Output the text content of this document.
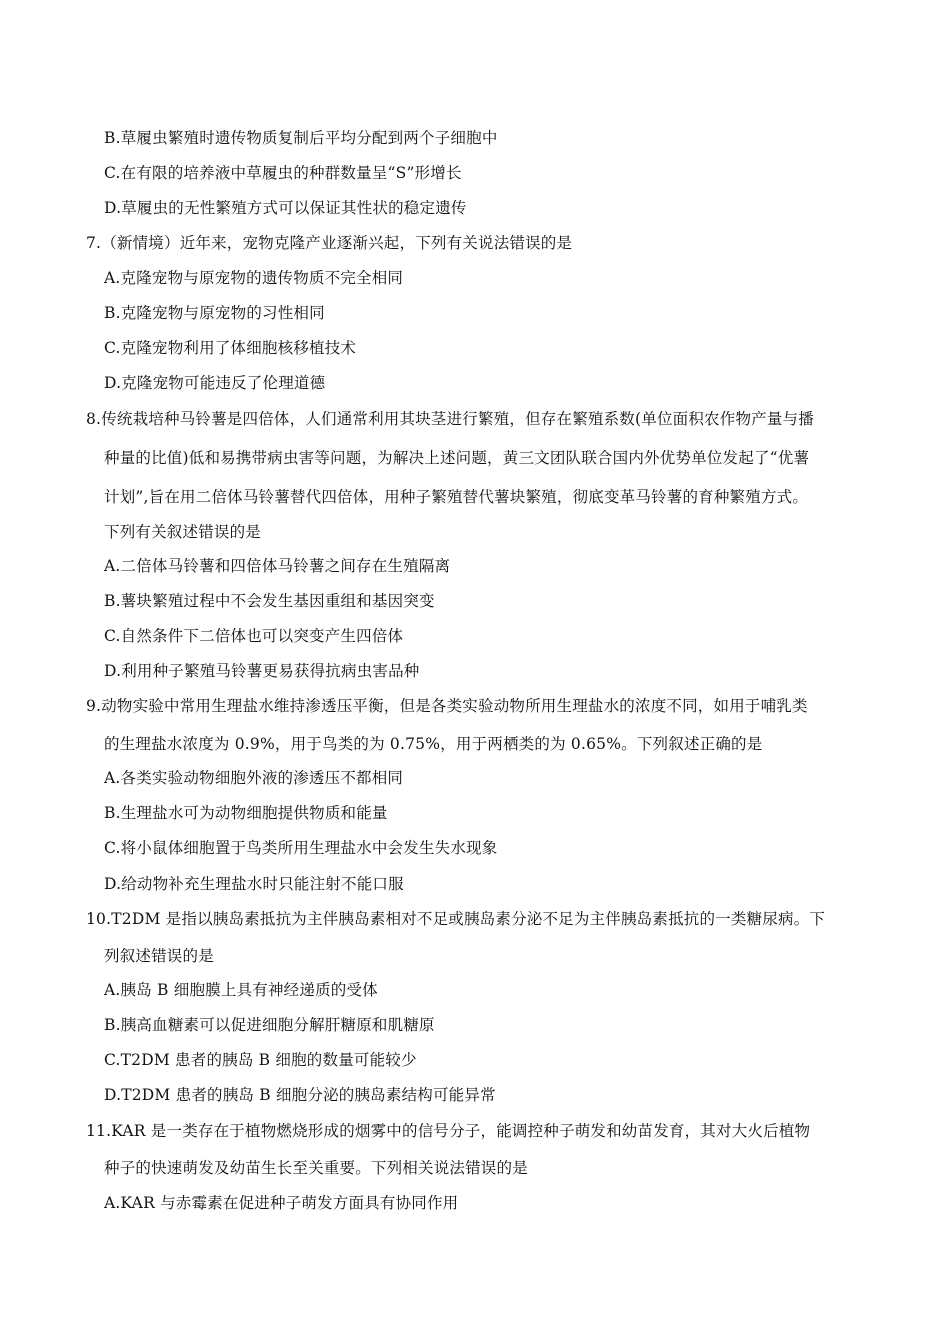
B.草履虫繁殖时遗传物质复制后平均分配到两个子细胞中
C.在有限的培养液中草履虫的种群数量呈“S”形增长
D.草履虫的无性繁殖方式可以保证其性状的稳定遗传
7.（新情境）近年来，宠物克隆产业逐渐兴起，下列有关说法错误的是
A.克隆宠物与原宠物的遗传物质不完全相同
B.克隆宠物与原宠物的习性相同
C.克隆宠物利用了体细胞核移植技术
D.克隆宠物可能违反了伦理道德
8.传统栽培种马铃薯是四倍体，人们通常利用其块茎进行繁殖，但存在繁殖系数(单位面积农作物产量与播
种量的比值)低和易携带病虫害等问题，为解决上述问题，黄三文团队联合国内外优势单位发起了“优薯
计划”,旨在用二倍体马铃薯替代四倍体，用种子繁殖替代薯块繁殖，彻底变革马铃薯的育种繁殖方式。
下列有关叙述错误的是
A.二倍体马铃薯和四倍体马铃薯之间存在生殖隔离
B.薯块繁殖过程中不会发生基因重组和基因突变
C.自然条件下二倍体也可以突变产生四倍体
D.利用种子繁殖马铃薯更易获得抗病虫害品种
9.动物实验中常用生理盐水维持渗透压平衡，但是各类实验动物所用生理盐水的浓度不同，如用于哺乳类
的生理盐水浓度为 0.9%，用于鸟类的为 0.75%，用于两栖类的为 0.65%。下列叙述正确的是
A.各类实验动物细胞外液的渗透压不都相同
B.生理盐水可为动物细胞提供物质和能量
C.将小鼠体细胞置于鸟类所用生理盐水中会发生失水现象
D.给动物补充生理盐水时只能注射不能口服
10.T2DM 是指以胰岛素抵抗为主伴胰岛素相对不足或胰岛素分泌不足为主伴胰岛素抵抗的一类糖尿病。下
列叙述错误的是
A.胰岛 B 细胞膜上具有神经递质的受体
B.胰高血糖素可以促进细胞分解肝糖原和肌糖原
C.T2DM 患者的胰岛 B 细胞的数量可能较少
D.T2DM 患者的胰岛 B 细胞分泌的胰岛素结构可能异常
11.KAR 是一类存在于植物燃烧形成的烟雾中的信号分子，能调控种子萌发和幼苗发育，其对大火后植物
种子的快速萌发及幼苗生长至关重要。下列相关说法错误的是
A.KAR 与赤霉素在促进种子萌发方面具有协同作用
